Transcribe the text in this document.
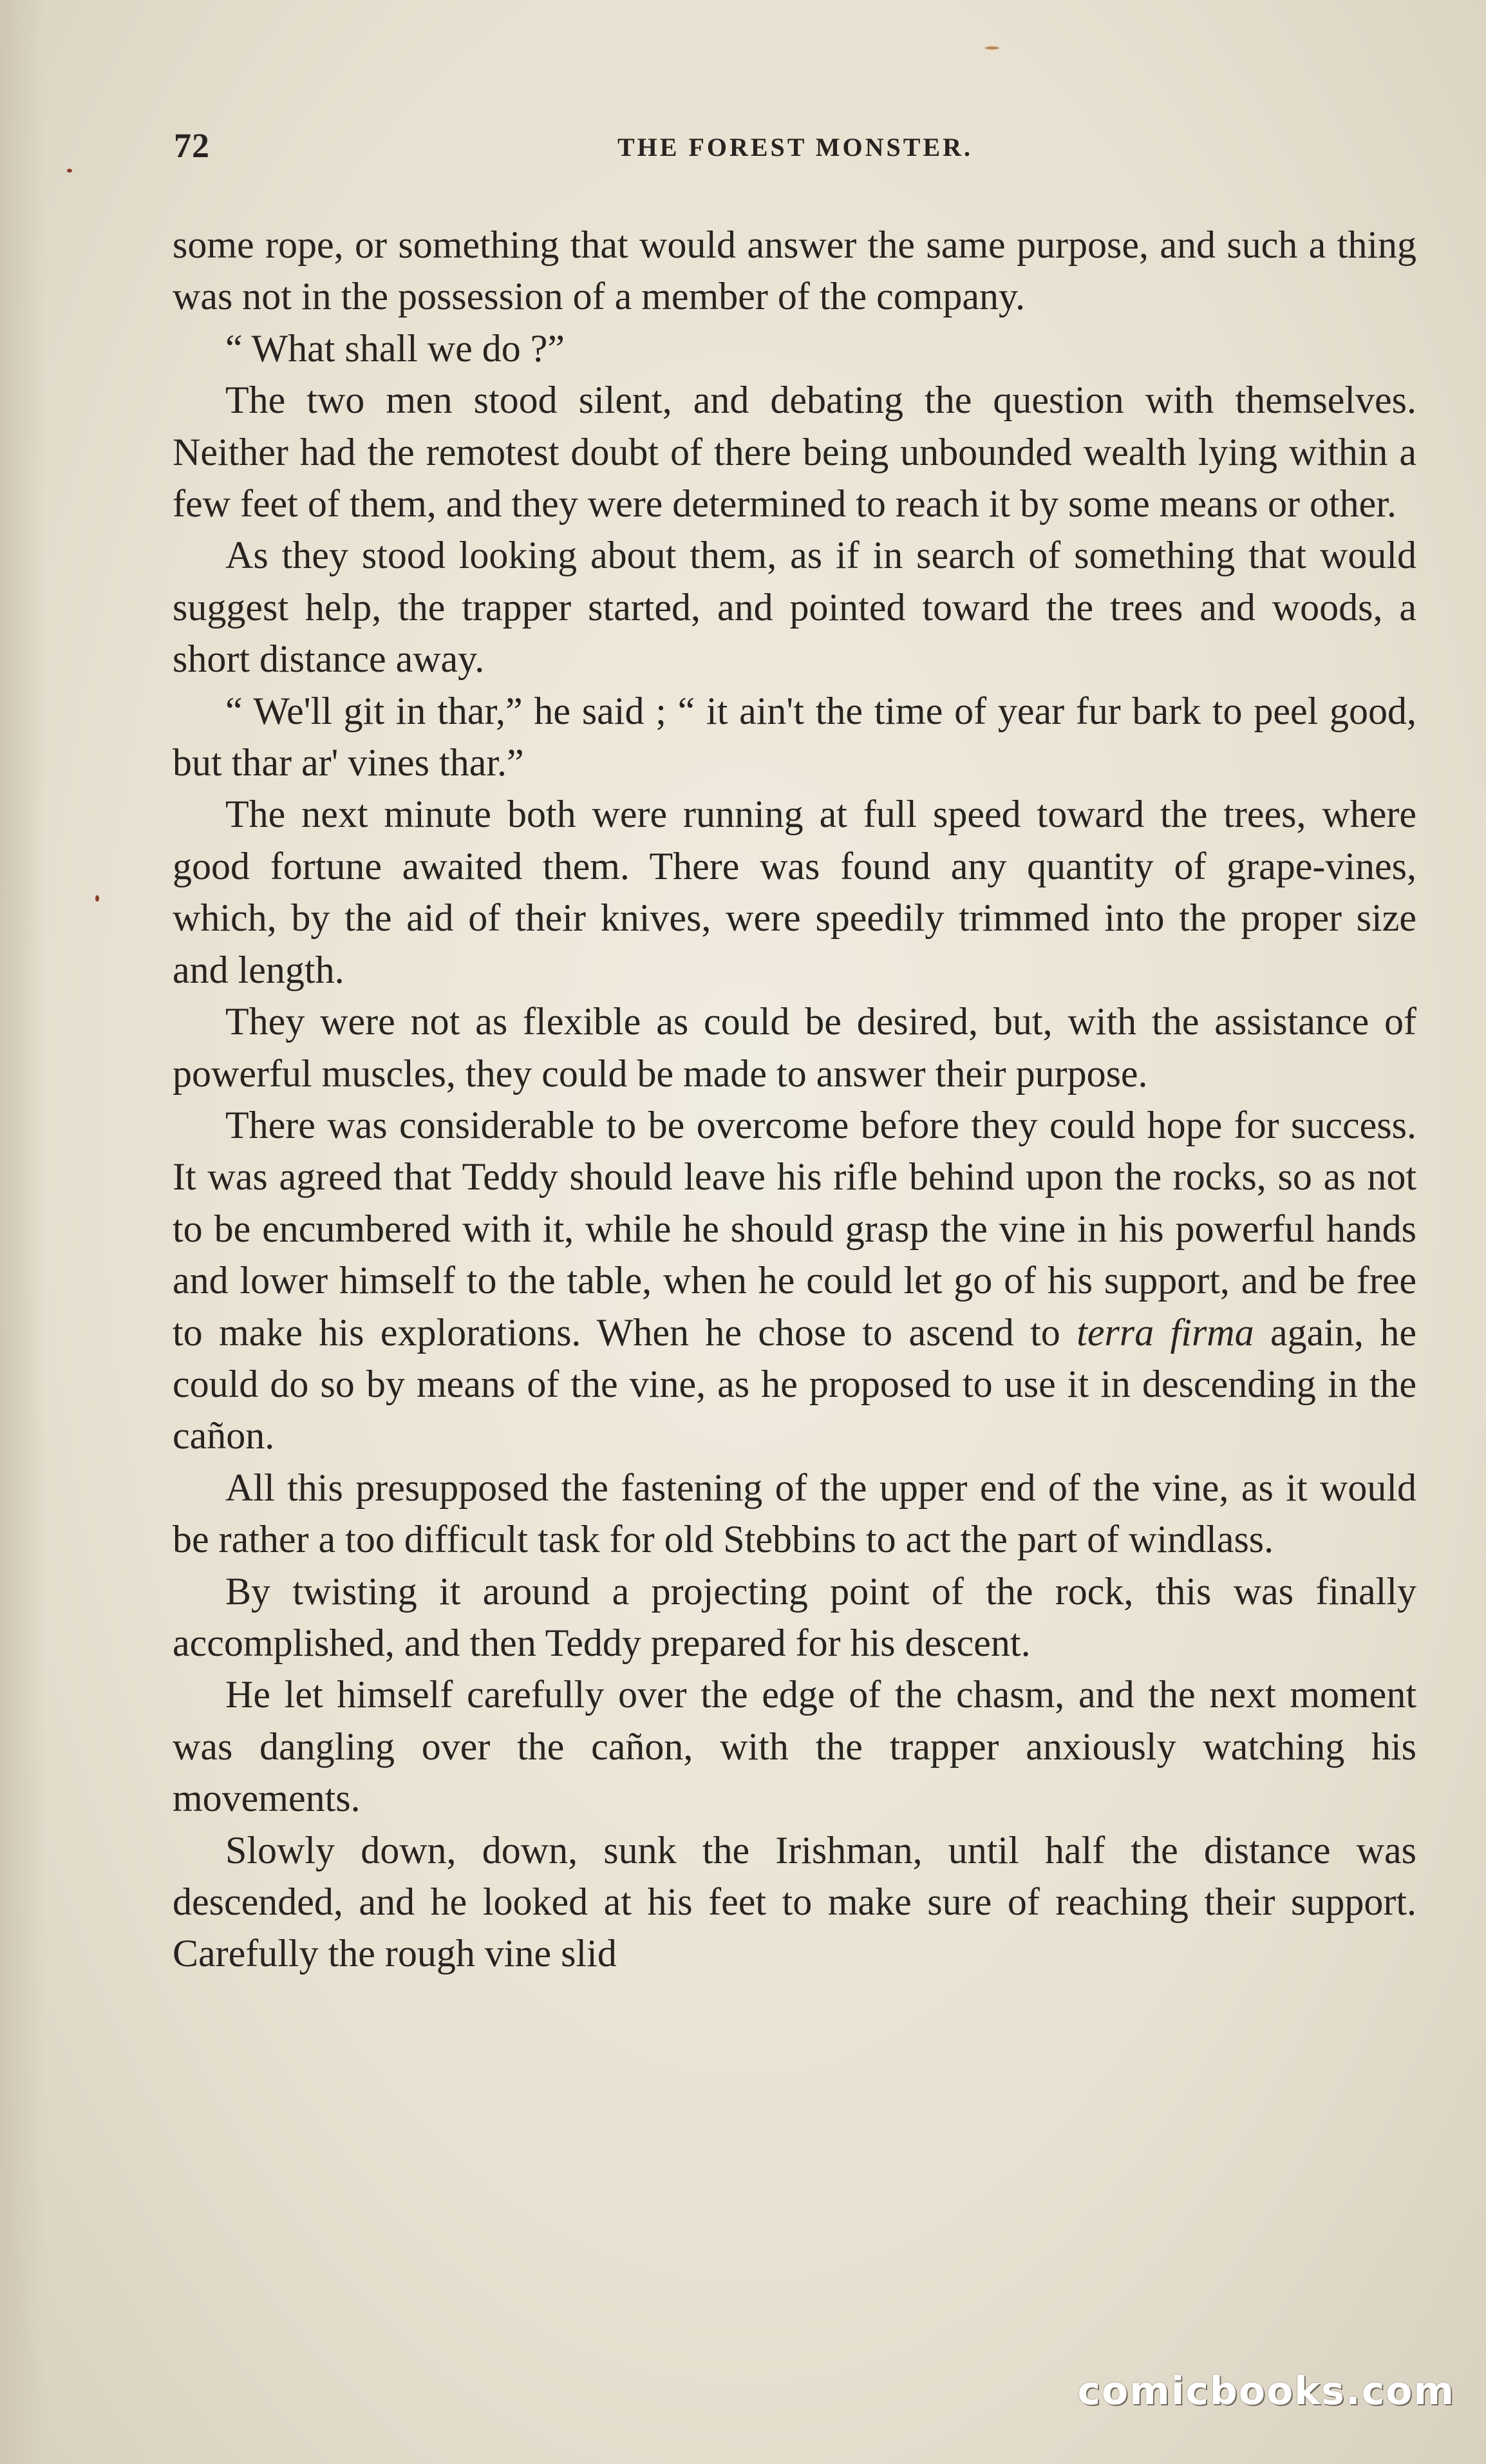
72	THE FOREST MONSTER.

some rope, or something that would answer the same purpose, and such a thing was not in the possession of a member of the company.

“ What shall we do ?”

The two men stood silent, and debating the question with themselves. Neither had the remotest doubt of there being unbounded wealth lying within a few feet of them, and they were determined to reach it by some means or other.

As they stood looking about them, as if in search of something that would suggest help, the trapper started, and pointed toward the trees and woods, a short distance away.

“ We'll git in thar,” he said ; “ it ain't the time of year fur bark to peel good, but thar ar' vines thar.”

The next minute both were running at full speed toward the trees, where good fortune awaited them. There was found any quantity of grape-vines, which, by the aid of their knives, were speedily trimmed into the proper size and length.

They were not as flexible as could be desired, but, with the assistance of powerful muscles, they could be made to answer their purpose.

There was considerable to be overcome before they could hope for success. It was agreed that Teddy should leave his rifle behind upon the rocks, so as not to be encumbered with it, while he should grasp the vine in his powerful hands and lower himself to the table, when he could let go of his support, and be free to make his explorations. When he chose to ascend to terra firma again, he could do so by means of the vine, as he proposed to use it in descending in the cañon.

All this presupposed the fastening of the upper end of the vine, as it would be rather a too difficult task for old Stebbins to act the part of windlass.

By twisting it around a projecting point of the rock, this was finally accomplished, and then Teddy prepared for his descent.

He let himself carefully over the edge of the chasm, and the next moment was dangling over the cañon, with the trapper anxiously watching his movements.

Slowly down, down, sunk the Irishman, until half the distance was descended, and he looked at his feet to make sure of reaching their support. Carefully the rough vine slid

comicbooks.com
